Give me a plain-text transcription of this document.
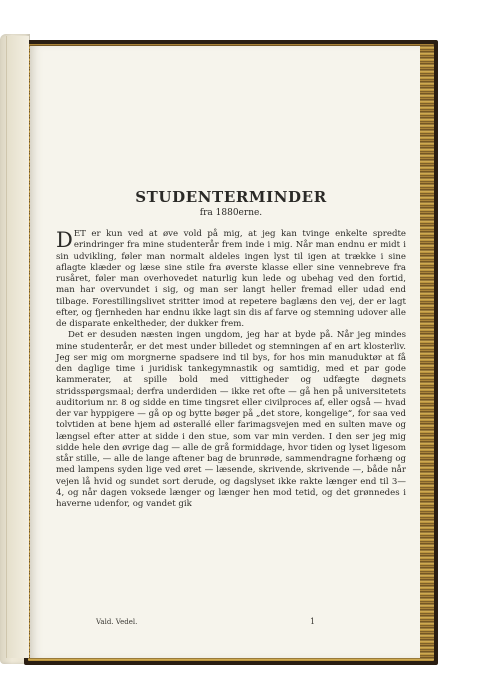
STUDENTERMINDER
fra 1880erne.

DET er kun ved at øve vold på mig, at jeg kan tvinge enkelte spredte erindringer fra mine studenterår frem inde i mig. Når man endnu er midt i sin udvikling, føler man normalt aldeles ingen lyst til igen at trække i sine aflagte klæder og læse sine stile fra øverste klasse eller sine vennebreve fra rusåret, føler man overhovedet naturlig kun lede og ubehag ved den fortid, man har overvundet i sig, og man ser langt heller fremad eller udad end tilbage. Forestillingslivet stritter imod at repetere baglæns den vej, der er lagt efter, og fjernheden har endnu ikke lagt sin dis af farve og stemning udover alle de disparate enkeltheder, der dukker frem.

Det er desuden næsten ingen ungdom, jeg har at byde på. Når jeg mindes mine studenterår, er det mest under billedet og stemningen af en art klosterliv. Jeg ser mig om morgnerne spadsere ind til bys, for hos min manuduktør at få den daglige time i juridisk tankegymnastik og samtidig, med et par gode kammerater, at spille bold med vittigheder og udfægte døgnets stridsspørgsmaal; derfra underdiden — ikke ret ofte — gå hen på universitetets auditorium nr. 8 og sidde en time tingsret eller civilproces af, eller også — hvad der var hyppigere — gå op og bytte bøger på „det store, kongelige“, for saa ved tolvtiden at bene hjem ad østerallé eller farimagsvejen med en sulten mave og længsel efter atter at sidde i den stue, som var min verden. I den ser jeg mig sidde hele den øvrige dag — alle de grå formiddage, hvor tiden og lyset ligesom står stille, — alle de lange aftener bag de brunrøde, sammendragne forhæng og med lampens syden lige ved øret — læsende, skrivende, skrivende —, både når vejen lå hvid og sundet sort derude, og dagslyset ikke rakte længer end til 3—4, og når dagen voksede længer og længer hen mod tetid, og det grønnedes i haverne udenfor, og vandet gik

Vald. Vedel.	1
